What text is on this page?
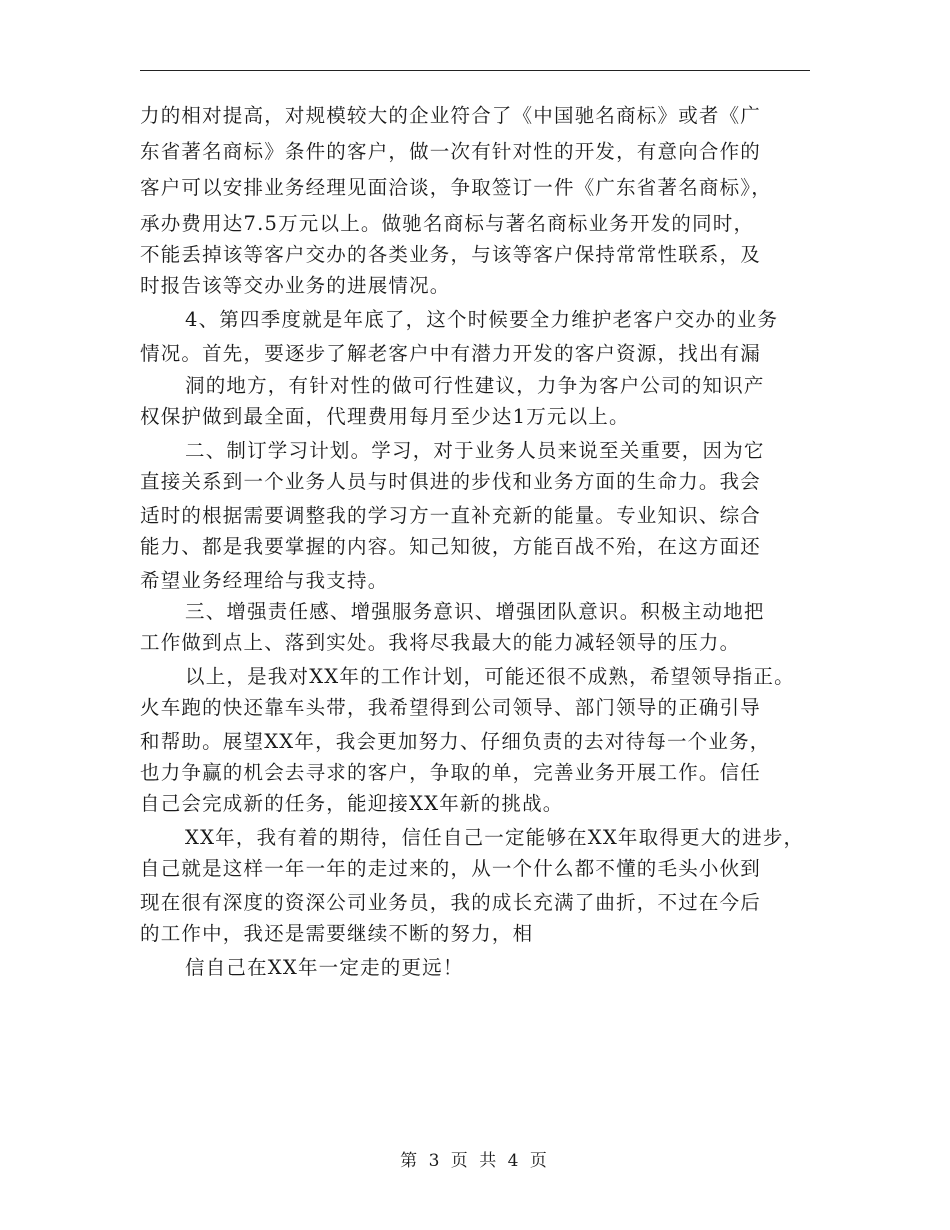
力的相对提高，对规模较大的企业符合了《中国驰名商标》或者《广
东省著名商标》条件的客户，做一次有针对性的开发，有意向合作的
客户可以安排业务经理见面洽谈，争取签订一件《广东省著名商标》，
承办费用达7.5万元以上。做驰名商标与著名商标业务开发的同时，
不能丢掉该等客户交办的各类业务，与该等客户保持常常性联系，及
时报告该等交办业务的进展情况。
4、第四季度就是年底了，这个时候要全力维护老客户交办的业务
情况。首先，要逐步了解老客户中有潜力开发的客户资源，找出有漏
洞的地方，有针对性的做可行性建议，力争为客户公司的知识产
权保护做到最全面，代理费用每月至少达1万元以上。
二、制订学习计划。学习，对于业务人员来说至关重要，因为它
直接关系到一个业务人员与时俱进的步伐和业务方面的生命力。我会
适时的根据需要调整我的学习方一直补充新的能量。专业知识、综合
能力、都是我要掌握的内容。知己知彼，方能百战不殆，在这方面还
希望业务经理给与我支持。
三、增强责任感、增强服务意识、增强团队意识。积极主动地把
工作做到点上、落到实处。我将尽我最大的能力减轻领导的压力。
以上，是我对XX年的工作计划，可能还很不成熟，希望领导指正。
火车跑的快还靠车头带，我希望得到公司领导、部门领导的正确引导
和帮助。展望XX年，我会更加努力、仔细负责的去对待每一个业务，
也力争赢的机会去寻求的客户，争取的单，完善业务开展工作。信任
自己会完成新的任务，能迎接XX年新的挑战。
XX年，我有着的期待，信任自己一定能够在XX年取得更大的进步，
自己就是这样一年一年的走过来的，从一个什么都不懂的毛头小伙到
现在很有深度的资深公司业务员，我的成长充满了曲折，不过在今后
的工作中，我还是需要继续不断的努力，相
信自己在XX年一定走的更远！
第 3 页 共 4 页
